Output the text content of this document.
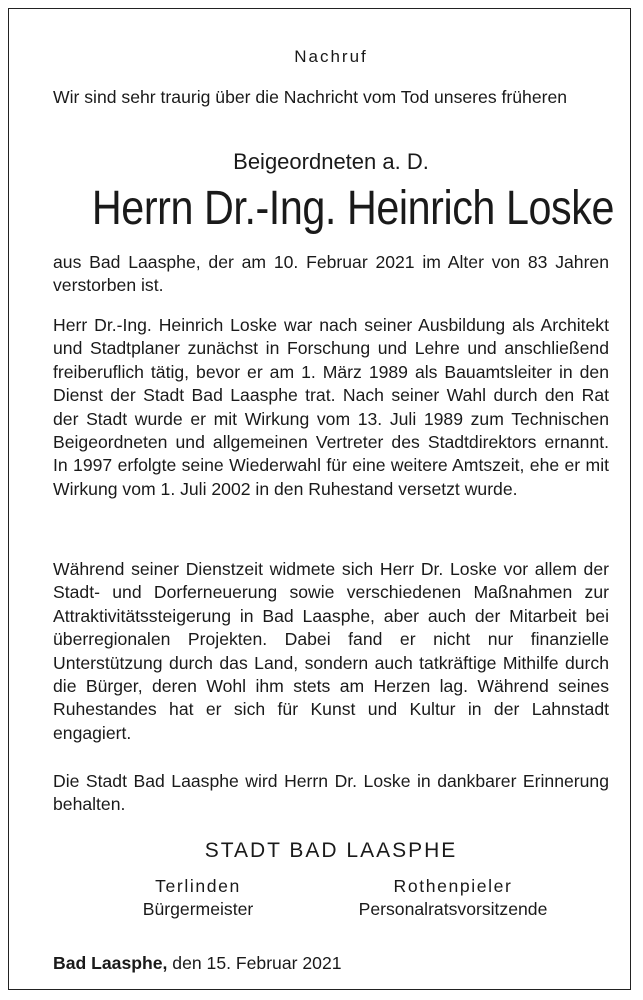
Nachruf

Wir sind sehr traurig über die Nachricht vom Tod unseres früheren

Beigeordneten a. D.
Herrn Dr.-Ing. Heinrich Loske

aus Bad Laasphe, der am 10. Februar 2021 im Alter von 83 Jahren verstorben ist.

Herr Dr.-Ing. Heinrich Loske war nach seiner Ausbildung als Architekt und Stadtplaner zunächst in Forschung und Lehre und anschließend freiberuflich tätig, bevor er am 1. März 1989 als Bauamtsleiter in den Dienst der Stadt Bad Laasphe trat. Nach seiner Wahl durch den Rat der Stadt wurde er mit Wirkung vom 13. Juli 1989 zum Technischen Beigeordneten und allgemeinen Vertreter des Stadtdirektors ernannt. In 1997 erfolgte seine Wiederwahl für eine weitere Amtszeit, ehe er mit Wirkung vom 1. Juli 2002 in den Ruhestand versetzt wurde.

Während seiner Dienstzeit widmete sich Herr Dr. Loske vor allem der Stadt- und Dorferneuerung sowie verschiedenen Maßnahmen zur Attraktivitätssteigerung in Bad Laasphe, aber auch der Mitarbeit bei überregionalen Projekten. Dabei fand er nicht nur finanzielle Unterstützung durch das Land, sondern auch tatkräftige Mithilfe durch die Bürger, deren Wohl ihm stets am Herzen lag. Während seines Ruhestandes hat er sich für Kunst und Kultur in der Lahnstadt engagiert.

Die Stadt Bad Laasphe wird Herrn Dr. Loske in dankbarer Erinnerung behalten.

STADT BAD LAASPHE
Terlinden
Bürgermeister
Rothenpieler
Personalratsvorsitzende
Bad Laasphe, den 15. Februar 2021
